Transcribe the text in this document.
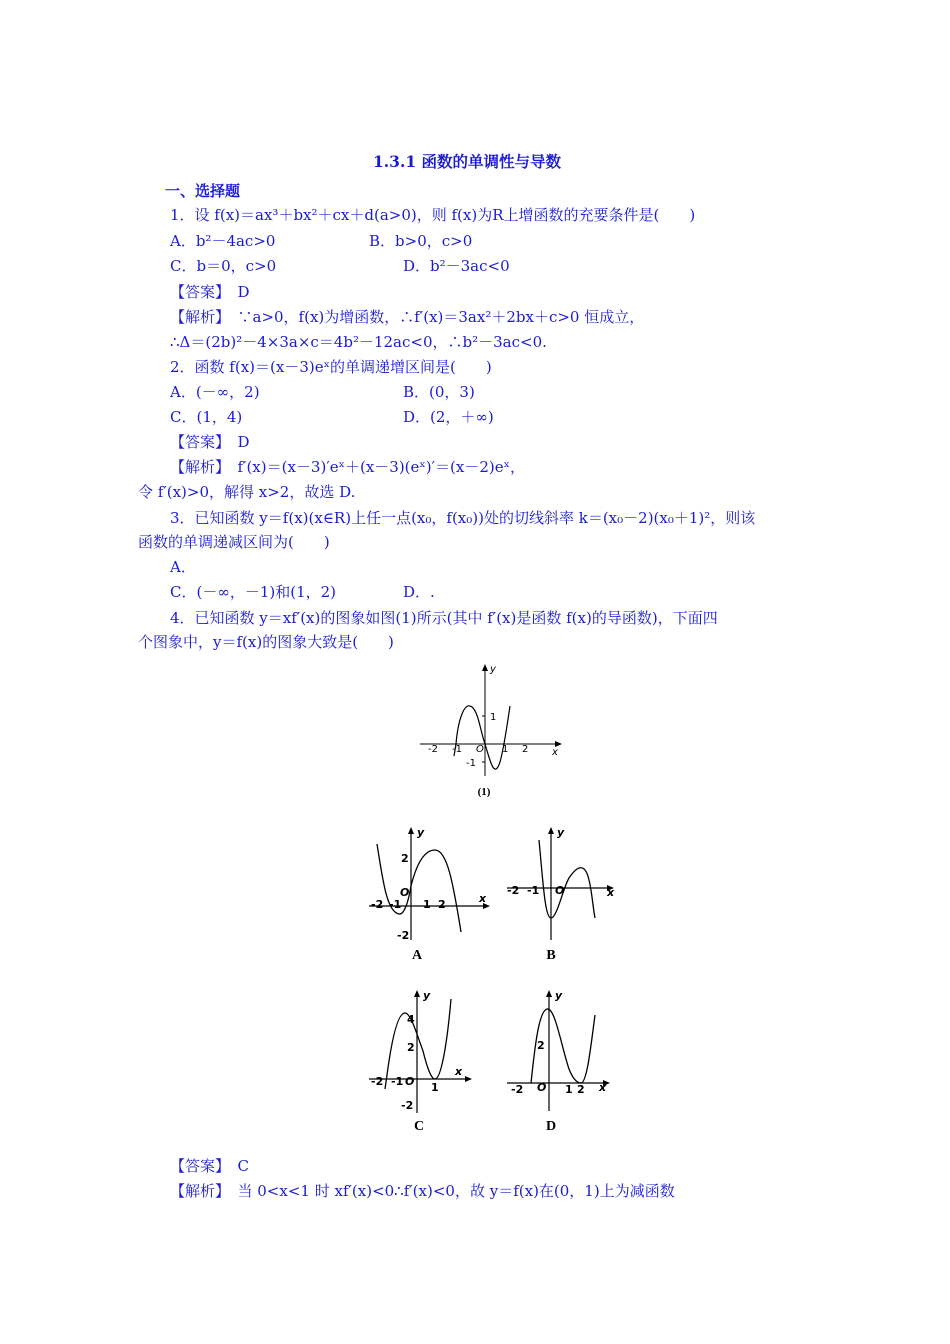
1.3.1 函数的单调性与导数
一、选择题
1．设 f(x)＝ax³＋bx²＋cx＋d(a>0)，则 f(x)为R上增函数的充要条件是(　　)
A．b²－4ac>0	B．b>0，c>0
C．b＝0，c>0	D．b²－3ac<0
【答案】　D
【解析】　∵a>0，f(x)为增函数，∴f′(x)＝3ax²＋2bx＋c>0 恒成立，
∴Δ＝(2b)²－4×3a×c＝4b²－12ac<0，∴b²－3ac<0.
2．函数 f(x)＝(x－3)eˣ的单调递增区间是(　　)
A．(－∞，2)	B．(0，3)
C．(1，4)	D．(2，＋∞)
【答案】　D
【解析】　f′(x)＝(x－3)′eˣ＋(x－3)(eˣ)′＝(x－2)eˣ，
令 f′(x)>0，解得 x>2，故选 D.
3．已知函数 y＝f(x)(x∈R)上任一点(x₀，f(x₀))处的切线斜率 k＝(x₀－2)(x₀＋1)²，则该
函数的单调递减区间为(　　)
A．
C．(－∞，－1)和(1，2)	D．.
4．已知函数 y＝xf′(x)的图象如图(1)所示(其中 f′(x)是函数 f(x)的导函数)，下面四
个图象中，y＝f(x)的图象大致是(　　)
-2 -1 O 1 2 x
y
1
-1
(1)
-2 -1
O
1 2	x
y
2
-2
A
-2 -1 O	x
y
B
-2 -1 O 1
x
y
4
2
-2
C
-2 O 1 2 x
y
2
D
【答案】　C
【解析】　当 0<x<1 时 xf′(x)<0∴f′(x)<0，故 y＝f(x)在(0，1)上为减函数
